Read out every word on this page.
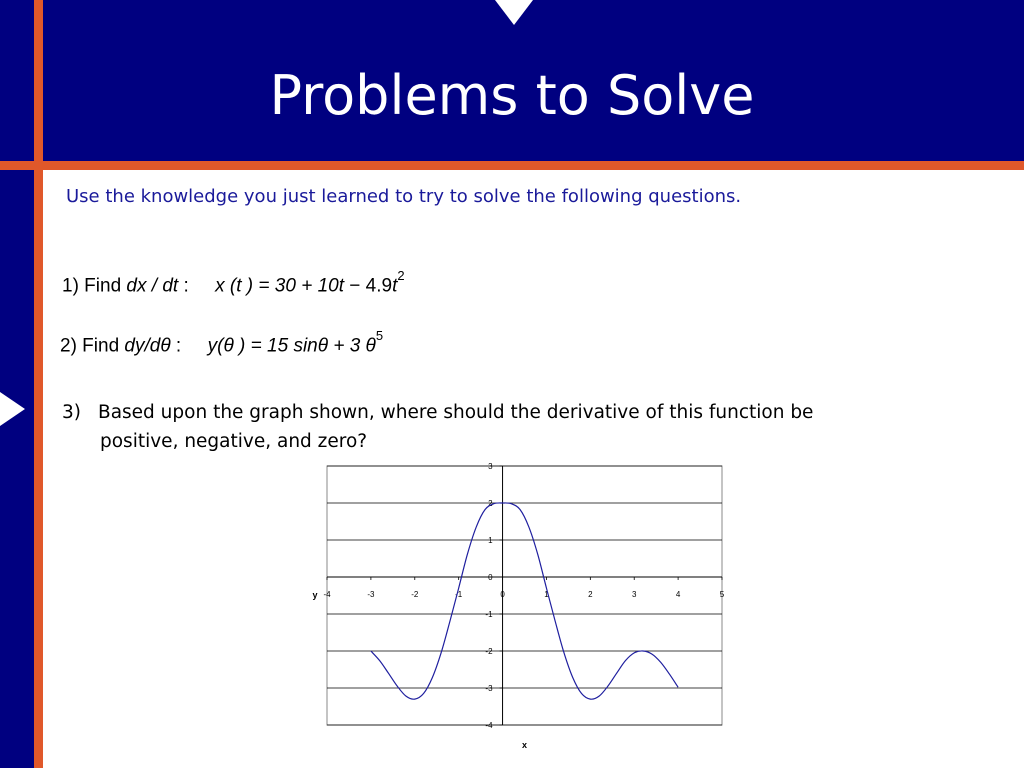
Problems to Solve
Use the knowledge you just learned to try to solve the following questions.
1) Find dx / dt : x (t ) = $30 + 10t - 4.9t^2$
2) Find dy/dθ : y(θ ) = 15 sinθ + 3 $\theta^5$
3) Based upon the graph shown, where should the derivative of this function be
positive, negative, and zero?
-4
-3
-2
-1
0
1
2
3
-4	-3	-2	-1	0	1	2	3	4	5
y
x
